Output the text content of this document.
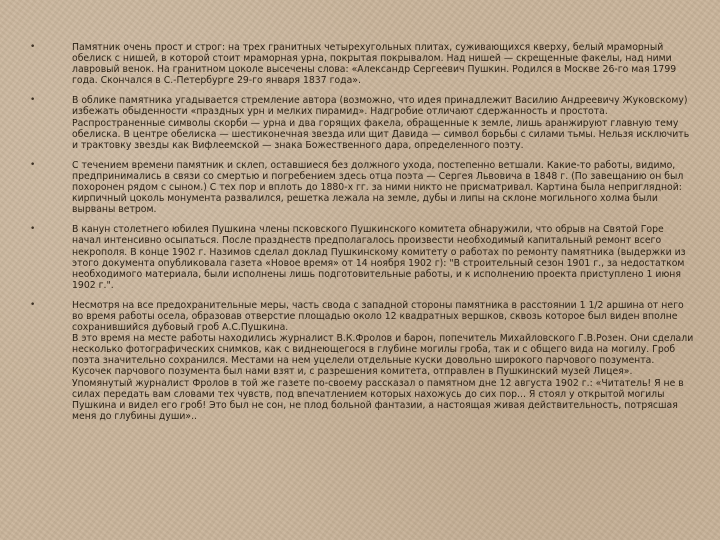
•	Памятник очень прост и строг: на трех гранитных четырехугольных плитах, суживающихся кверху, белый мраморный обелиск с нишей, в которой стоит мраморная урна, покрытая покрывалом. Над нишей — скрещенные факелы, над ними лавровый венок. На гранитном цоколе высечены слова: «Александр Сергеевич Пушкин. Родился в Москве 26-го мая 1799 года. Скончался в С.-Петербурге 29-го января 1837 года».
•	В облике памятника угадывается стремление автора (возможно, что идея принадлежит Василию Андреевичу Жуковскому) избежать обыденности «праздных урн и мелких пирамид». Надгробие отличают сдержанность и простота. Распространенные символы скорби — урна и два горящих факела, обращенные к земле, лишь аранжируют главную тему обелиска. В центре обелиска — шестиконечная звезда или щит Давида — символ борьбы с силами тьмы. Нельзя исключить и трактовку звезды как Вифлеемской — знака Божественного дара, определенного поэту.
•	С течением времени памятник и склеп, оставшиеся без должного ухода, постепенно ветшали. Какие-то работы, видимо, предпринимались в связи со смертью и погребением здесь отца поэта — Сергея Львовича в 1848 г. (По завещанию он был похоронен рядом с сыном.) С тех пор и вплоть до 1880-х гг. за ними никто не присматривал. Картина была неприглядной: кирпичный цоколь монумента развалился, решетка лежала на земле, дубы и липы на склоне могильного холма были вырваны ветром.
•	В канун столетнего юбилея Пушкина члены псковского Пушкинского комитета обнаружили, что обрыв на Святой Горе начал интенсивно осыпаться. После празднеств предполагалось произвести необходимый капитальный ремонт всего некрополя. В конце 1902 г. Назимов сделал доклад Пушкинскому комитету о работах по ремонту памятника (выдержки из этого документа опубликовала газета «Новое время» от 14 ноября 1902 г): "В строительный сезон 1901 г., за недостатком необходимого материала, были исполнены лишь подготовительные работы, и к исполнению проекта приступлено 1 июня 1902 г.".
•	Несмотря на все предохранительные меры, часть свода с западной стороны памятника в расстоянии 1 1/2 аршина от него во время работы осела, образовав отверстие площадью около 12 квадратных вершков, сквозь которое был виден вполне сохранившийся дубовый гроб А.С.Пушкина.
В это время на месте работы находились журналист В.К.Фролов и барон, попечитель Михайловского Г.В.Розен. Они сделали несколько фотографических снимков, как с виднеющегося в глубине могилы гроба, так и с общего вида на могилу. Гроб поэта значительно сохранился. Местами на нем уцелели отдельные куски довольно широкого парчового позумента. Кусочек парчового позумента был нами взят и, с разрешения комитета, отправлен в Пушкинский музей Лицея».
Упомянутый журналист Фролов в той же газете по-своему рассказал о памятном дне 12 августа 1902 г.: «Читатель! Я не в силах передать вам словами тех чувств, под впечатлением которых нахожусь до сих пор... Я стоял у открытой могилы Пушкина и видел его гроб! Это был не сон, не плод больной фантазии, а настоящая живая действительность, потрясшая меня до глубины души»..
